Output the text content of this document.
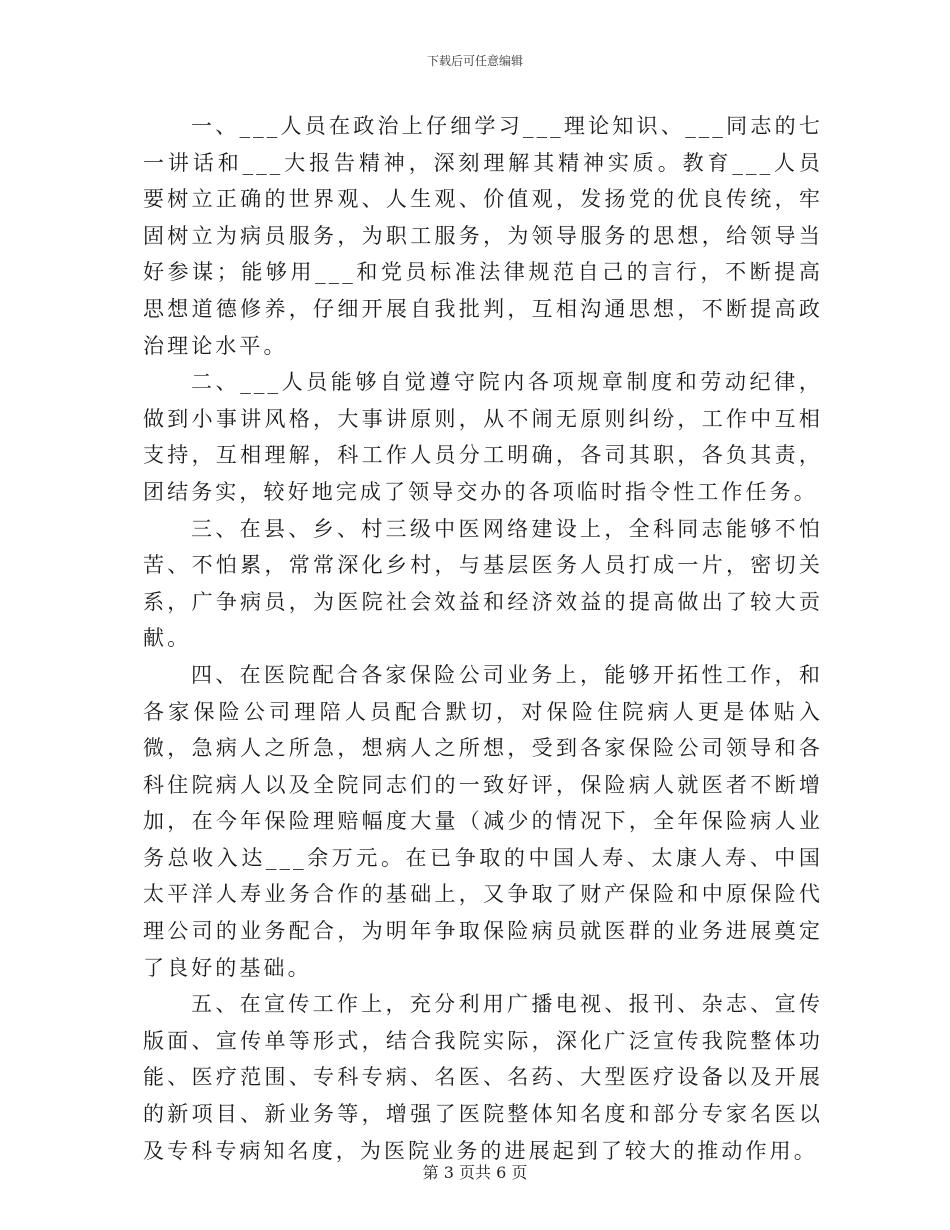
下载后可任意编辑

一、___人员在政治上仔细学习___理论知识、___同志的七一讲话和___大报告精神，深刻理解其精神实质。教育___人员要树立正确的世界观、人生观、价值观，发扬党的优良传统，牢固树立为病员服务，为职工服务，为领导服务的思想，给领导当好参谋；能够用___和党员标准法律规范自己的言行，不断提高思想道德修养，仔细开展自我批判，互相沟通思想，不断提高政治理论水平。

二、___人员能够自觉遵守院内各项规章制度和劳动纪律，做到小事讲风格，大事讲原则，从不闹无原则纠纷，工作中互相支持，互相理解，科工作人员分工明确，各司其职，各负其责，团结务实，较好地完成了领导交办的各项临时指令性工作任务。

三、在县、乡、村三级中医网络建设上，全科同志能够不怕苦、不怕累，常常深化乡村，与基层医务人员打成一片，密切关系，广争病员，为医院社会效益和经济效益的提高做出了较大贡献。

四、在医院配合各家保险公司业务上，能够开拓性工作，和各家保险公司理陪人员配合默切，对保险住院病人更是体贴入微，急病人之所急，想病人之所想，受到各家保险公司领导和各科住院病人以及全院同志们的一致好评，保险病人就医者不断增加，在今年保险理赔幅度大量（减少的情况下，全年保险病人业务总收入达___余万元。在已争取的中国人寿、太康人寿、中国太平洋人寿业务合作的基础上，又争取了财产保险和中原保险代理公司的业务配合，为明年争取保险病员就医群的业务进展奠定了良好的基础。

五、在宣传工作上，充分利用广播电视、报刊、杂志、宣传版面、宣传单等形式，结合我院实际，深化广泛宣传我院整体功能、医疗范围、专科专病、名医、名药、大型医疗设备以及开展的新项目、新业务等，增强了医院整体知名度和部分专家名医以及专科专病知名度，为医院业务的进展起到了较大的推动作用。

第 3 页共 6 页
